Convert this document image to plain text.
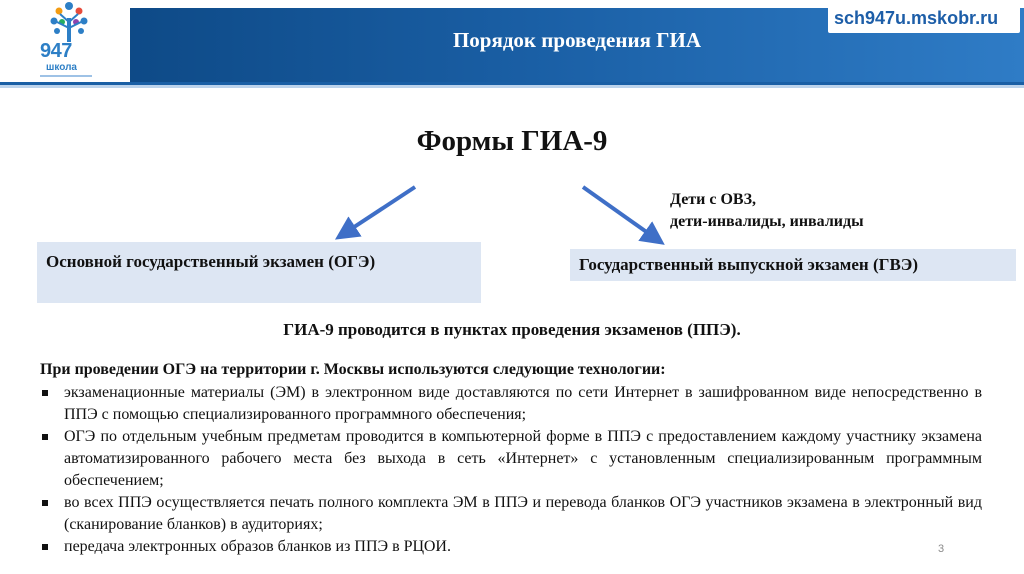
Порядок проведения ГИА
sch947u.mskobr.ru
947
школа
Формы ГИА-9
Основной государственный экзамен (ОГЭ)
Дети с ОВЗ,
дети-инвалиды, инвалиды
Государственный выпускной экзамен (ГВЭ)
ГИА-9 проводится в пунктах проведения экзаменов (ППЭ).
При проведении ОГЭ на территории г. Москвы используются следующие технологии:
экзаменационные материалы (ЭМ) в электронном виде доставляются по сети Интернет в зашифрованном виде непосредственно в ППЭ с помощью специализированного программного обеспечения;
ОГЭ по отдельным учебным предметам проводится в компьютерной форме в ППЭ с предоставлением каждому участнику экзамена автоматизированного рабочего места без выхода в сеть «Интернет» с установленным специализированным программным обеспечением;
во всех ППЭ осуществляется печать полного комплекта ЭМ в ППЭ и перевода бланков ОГЭ участников экзамена в электронный вид (сканирование бланков) в аудиториях;
передача электронных образов бланков из ППЭ в РЦОИ.	3
